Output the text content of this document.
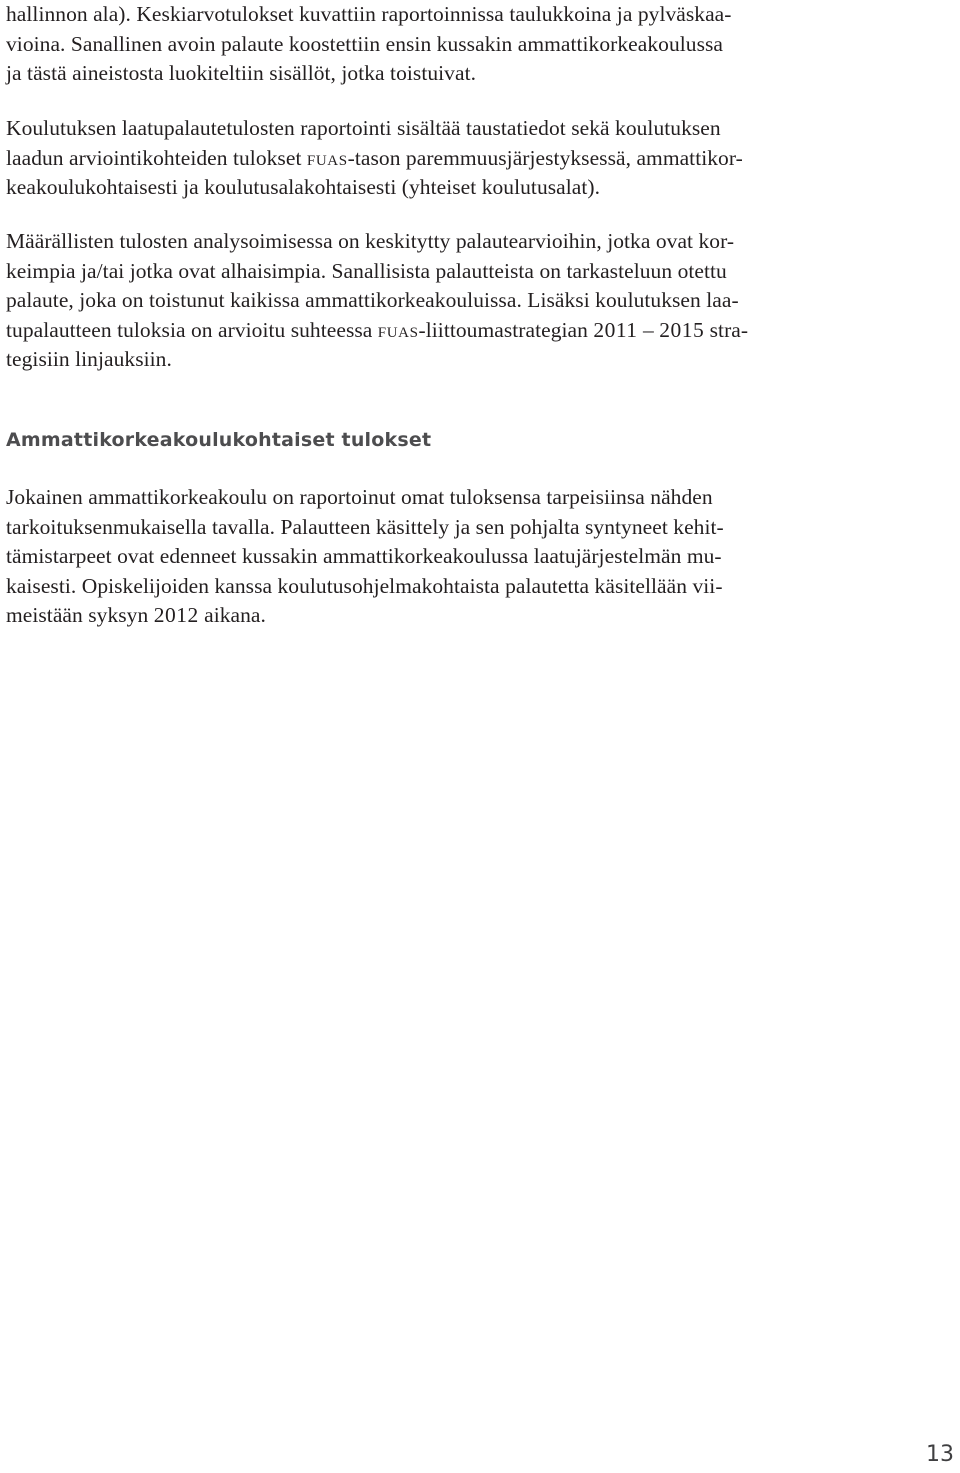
hallinnon ala). Keskiarvotulokset kuvattiin raportoinnissa taulukkoina ja pylväskaa-
vioina. Sanallinen avoin palaute koostettiin ensin kussakin ammattikorkeakoulussa
ja tästä aineistosta luokiteltiin sisällöt, jotka toistuivat.

Koulutuksen laatupalautetulosten raportointi sisältää taustatiedot sekä koulutuksen
laadun arviointikohteiden tulokset fuas-tason paremmuusjärjestyksessä, ammattikor-
keakoulukohtaisesti ja koulutusalakohtaisesti (yhteiset koulutusalat).

Määrällisten tulosten analysoimisessa on keskitytty palautearvioihin, jotka ovat kor-
keimpia ja/tai jotka ovat alhaisimpia. Sanallisista palautteista on tarkasteluun otettu
palaute, joka on toistunut kaikissa ammattikorkeakouluissa. Lisäksi koulutuksen laa-
tupalautteen tuloksia on arvioitu suhteessa fuas-liittoumastrategian 2011 – 2015 stra-
tegisiin linjauksiin.

Ammattikorkeakoulukohtaiset tulokset

Jokainen ammattikorkeakoulu on raportoinut omat tuloksensa tarpeisiinsa nähden
tarkoituksenmukaisella tavalla. Palautteen käsittely ja sen pohjalta syntyneet kehit-
tämistarpeet ovat edenneet kussakin ammattikorkeakoulussa laatujärjestelmän mu-
kaisesti. Opiskelijoiden kanssa koulutusohjelmakohtaista palautetta käsitellään vii-
meistään syksyn 2012 aikana.

13
